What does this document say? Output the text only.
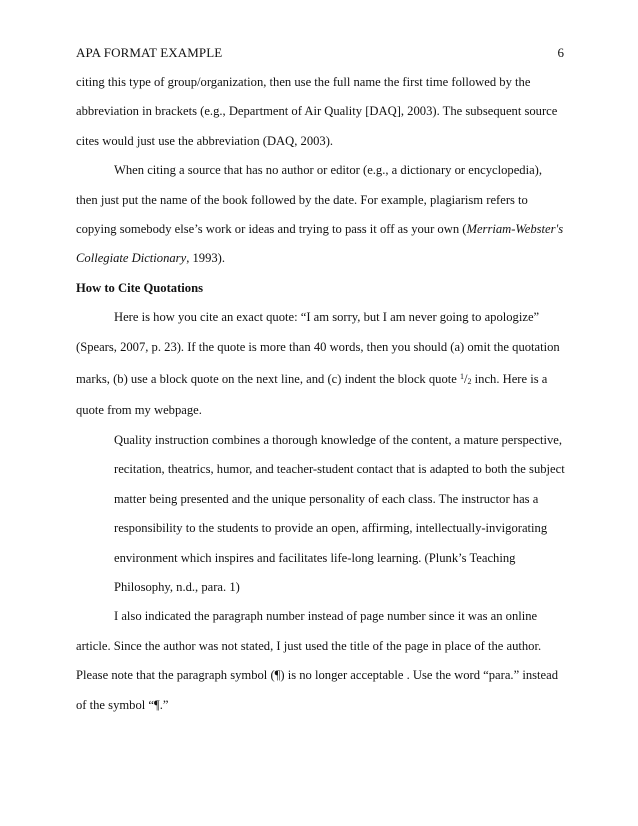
APA FORMAT EXAMPLE	6

citing this type of group/organization, then use the full name the first time followed by the abbreviation in brackets (e.g., Department of Air Quality [DAQ], 2003). The subsequent source cites would just use the abbreviation (DAQ, 2003).

When citing a source that has no author or editor (e.g., a dictionary or encyclopedia), then just put the name of the book followed by the date. For example, plagiarism refers to copying somebody else’s work or ideas and trying to pass it off as your own (Merriam-Webster's Collegiate Dictionary, 1993).

How to Cite Quotations

Here is how you cite an exact quote: “I am sorry, but I am never going to apologize” (Spears, 2007, p. 23). If the quote is more than 40 words, then you should (a) omit the quotation marks, (b) use a block quote on the next line, and (c) indent the block quote $^1/_2$ inch. Here is a quote from my webpage.

Quality instruction combines a thorough knowledge of the content, a mature perspective, recitation, theatrics, humor, and teacher-student contact that is adapted to both the subject matter being presented and the unique personality of each class. The instructor has a responsibility to the students to provide an open, affirming, intellectually-invigorating environment which inspires and facilitates life-long learning. (Plunk’s Teaching Philosophy, n.d., para. 1)

I also indicated the paragraph number instead of page number since it was an online article. Since the author was not stated, I just used the title of the page in place of the author. Please note that the paragraph symbol (¶) is no longer acceptable . Use the word “para.” instead of the symbol “¶.”
